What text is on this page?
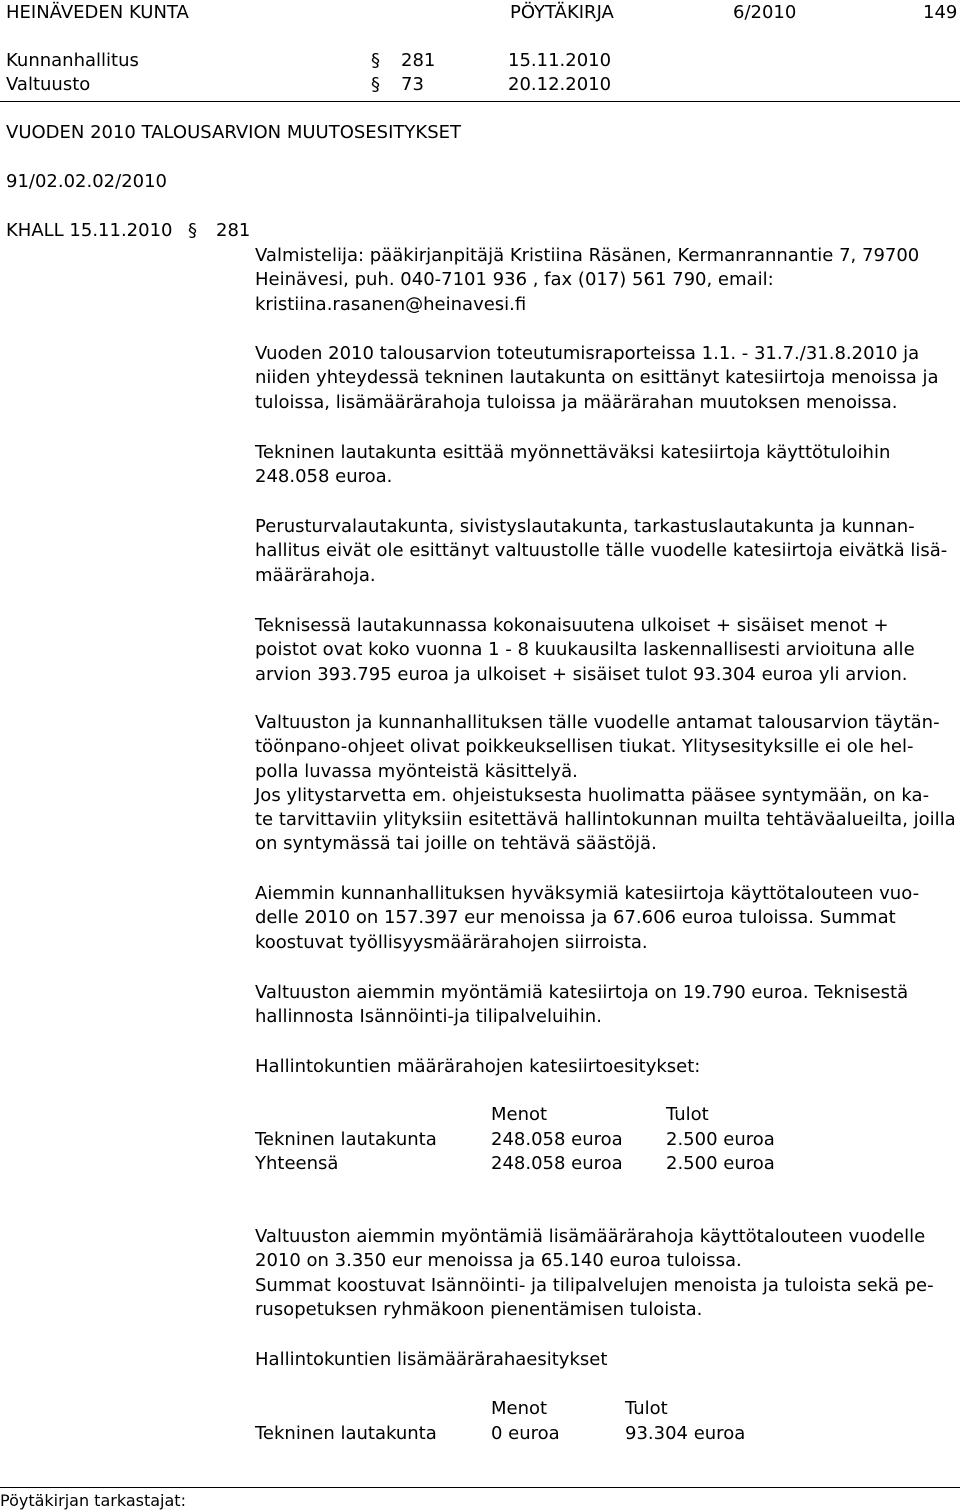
HEINÄVEDEN KUNTA	PÖYTÄKIRJA	6/2010	149
Kunnanhallitus	§ 281	15.11.2010
Valtuusto	§ 73	20.12.2010
VUODEN 2010 TALOUSARVION MUUTOSESITYKSET
91/02.02.02/2010
KHALL 15.11.2010 § 281

Valmistelija: pääkirjanpitäjä Kristiina Räsänen, Kermanrannantie 7, 79700

Heinävesi, puh. 040-7101 936 , fax (017) 561 790, email:

kristiina.rasanen@heinavesi.fi

Vuoden 2010 talousarvion toteutumisraporteissa 1.1. - 31.7./31.8.2010 ja

niiden yhteydessä tekninen lautakunta on esittänyt katesiirtoja menoissa ja

tuloissa, lisämäärärahoja tuloissa ja määrärahan muutoksen menoissa.

Tekninen lautakunta esittää myönnettäväksi katesiirtoja käyttötuloihin

248.058 euroa.

Perusturvalautakunta, sivistyslautakunta, tarkastuslautakunta ja kunnan-

hallitus eivät ole esittänyt valtuustolle tälle vuodelle katesiirtoja eivätkä lisä-

määrärahoja.

Teknisessä lautakunnassa kokonaisuutena ulkoiset + sisäiset menot +

poistot ovat koko vuonna 1 - 8 kuukausilta laskennallisesti arvioituna alle

arvion 393.795 euroa ja ulkoiset + sisäiset tulot 93.304 euroa yli arvion.

Valtuuston ja kunnanhallituksen tälle vuodelle antamat talousarvion täytän-

töönpano-ohjeet olivat poikkeuksellisen tiukat. Ylitysesityksille ei ole hel-

polla luvassa myönteistä käsittelyä.

Jos ylitystarvetta em. ohjeistuksesta huolimatta pääsee syntymään, on ka-

te tarvittaviin ylityksiin esitettävä hallintokunnan muilta tehtäväalueilta, joilla

on syntymässä tai joille on tehtävä säästöjä.

Aiemmin kunnanhallituksen hyväksymiä katesiirtoja käyttötalouteen vuo-

delle 2010 on 157.397 eur menoissa ja 67.606 euroa tuloissa. Summat

koostuvat työllisyysmäärärahojen siirroista.

Valtuuston aiemmin myöntämiä katesiirtoja on 19.790 euroa. Teknisestä

hallinnosta Isännöinti-ja tilipalveluihin.

Hallintokuntien määrärahojen katesiirtoesitykset:

Menot	Tulot
Tekninen lautakunta	248.058 euroa 2.500 euroa
Yhteensä	248.058 euroa 2.500 euroa

Valtuuston aiemmin myöntämiä lisämäärärahoja käyttötalouteen vuodelle

2010 on 3.350 eur menoissa ja 65.140 euroa tuloissa.

Summat koostuvat Isännöinti- ja tilipalvelujen menoista ja tuloista sekä pe-

rusopetuksen ryhmäkoon pienentämisen tuloista.

Hallintokuntien lisämäärärahaesitykset

Menot	Tulot
Tekninen lautakunta	0 euroa	93.304 euroa
Pöytäkirjan tarkastajat:
